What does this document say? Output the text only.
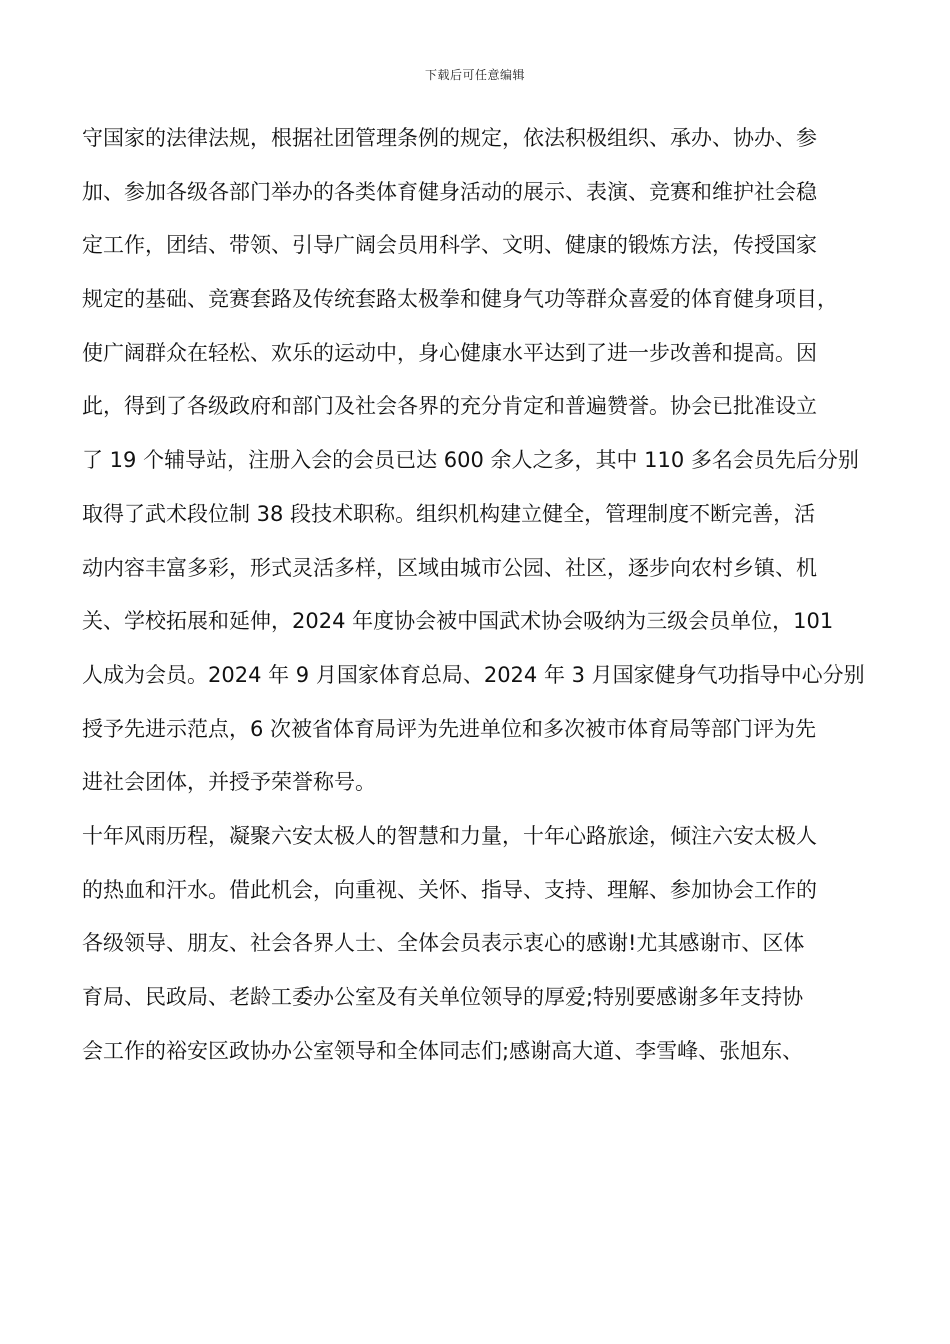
下载后可任意编辑
守国家的法律法规，根据社团管理条例的规定，依法积极组织、承办、协办、参
加、参加各级各部门举办的各类体育健身活动的展示、表演、竞赛和维护社会稳
定工作，团结、带领、引导广阔会员用科学、文明、健康的锻炼方法，传授国家
规定的基础、竞赛套路及传统套路太极拳和健身气功等群众喜爱的体育健身项目，
使广阔群众在轻松、欢乐的运动中，身心健康水平达到了进一步改善和提高。因
此，得到了各级政府和部门及社会各界的充分肯定和普遍赞誉。协会已批准设立
了 19 个辅导站，注册入会的会员已达 600 余人之多，其中 110 多名会员先后分别
取得了武术段位制 38 段技术职称。组织机构建立健全，管理制度不断完善，活
动内容丰富多彩，形式灵活多样，区域由城市公园、社区，逐步向农村乡镇、机
关、学校拓展和延伸，2024 年度协会被中国武术协会吸纳为三级会员单位，101
人成为会员。2024 年 9 月国家体育总局、2024 年 3 月国家健身气功指导中心分别
授予先进示范点，6 次被省体育局评为先进单位和多次被市体育局等部门评为先
进社会团体，并授予荣誉称号。
十年风雨历程，凝聚六安太极人的智慧和力量，十年心路旅途，倾注六安太极人
的热血和汗水。借此机会，向重视、关怀、指导、支持、理解、参加协会工作的
各级领导、朋友、社会各界人士、全体会员表示衷心的感谢!尤其感谢市、区体
育局、民政局、老龄工委办公室及有关单位领导的厚爱;特别要感谢多年支持协
会工作的裕安区政协办公室领导和全体同志们;感谢高大道、李雪峰、张旭东、
